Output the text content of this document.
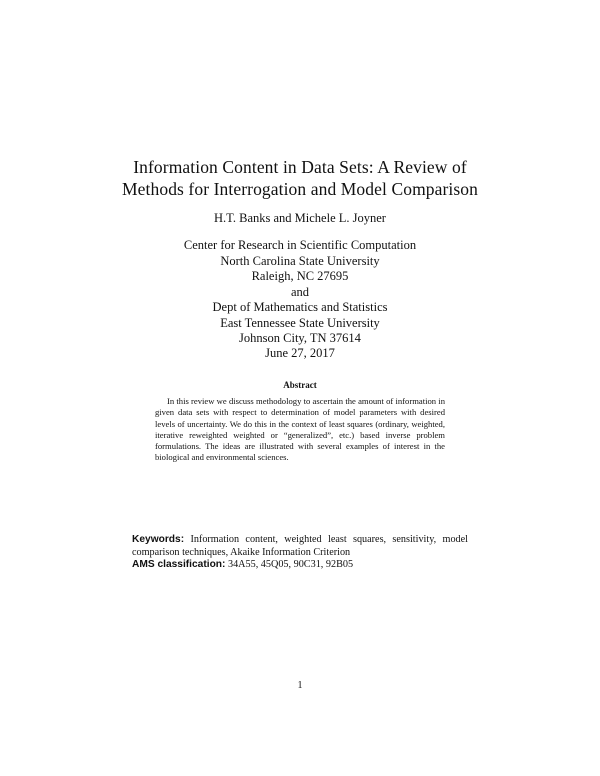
Information Content in Data Sets: A Review of
Methods for Interrogation and Model Comparison
H.T. Banks and Michele L. Joyner
Center for Research in Scientific Computation
North Carolina State University
Raleigh, NC 27695
and
Dept of Mathematics and Statistics
East Tennessee State University
Johnson City, TN 37614
June 27, 2017
Abstract
In this review we discuss methodology to ascertain the amount of information in given data sets with respect to determination of model parameters with desired levels of uncertainty. We do this in the context of least squares (ordinary, weighted, iterative reweighted weighted or “generalized”, etc.) based inverse problem formulations. The ideas are illustrated with several examples of interest in the biological and environmental sciences.
Keywords: Information content, weighted least squares, sensitivity, model comparison techniques, Akaike Information Criterion
AMS classification: 34A55, 45Q05, 90C31, 92B05
1
